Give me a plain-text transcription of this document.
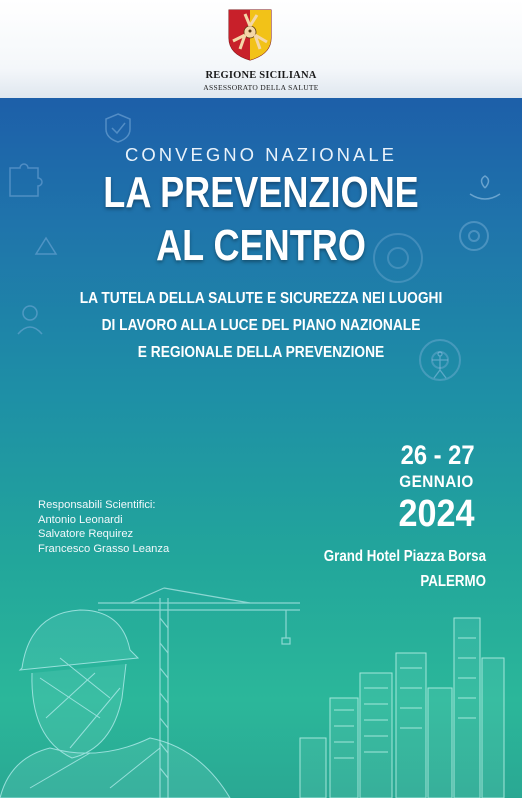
REGIONE SICILIANA
ASSESSORATO DELLA SALUTE
CONVEGNO NAZIONALE
LA PREVENZIONE
AL CENTRO
LA TUTELA DELLA SALUTE E SICUREZZA NEI LUOGHI
DI LAVORO ALLA LUCE DEL PIANO NAZIONALE
E REGIONALE DELLA PREVENZIONE
26 - 27
GENNAIO
2024
Grand Hotel Piazza Borsa
PALERMO
Responsabili Scientifici:
Antonio Leonardi
Salvatore Requirez
Francesco Grasso Leanza
